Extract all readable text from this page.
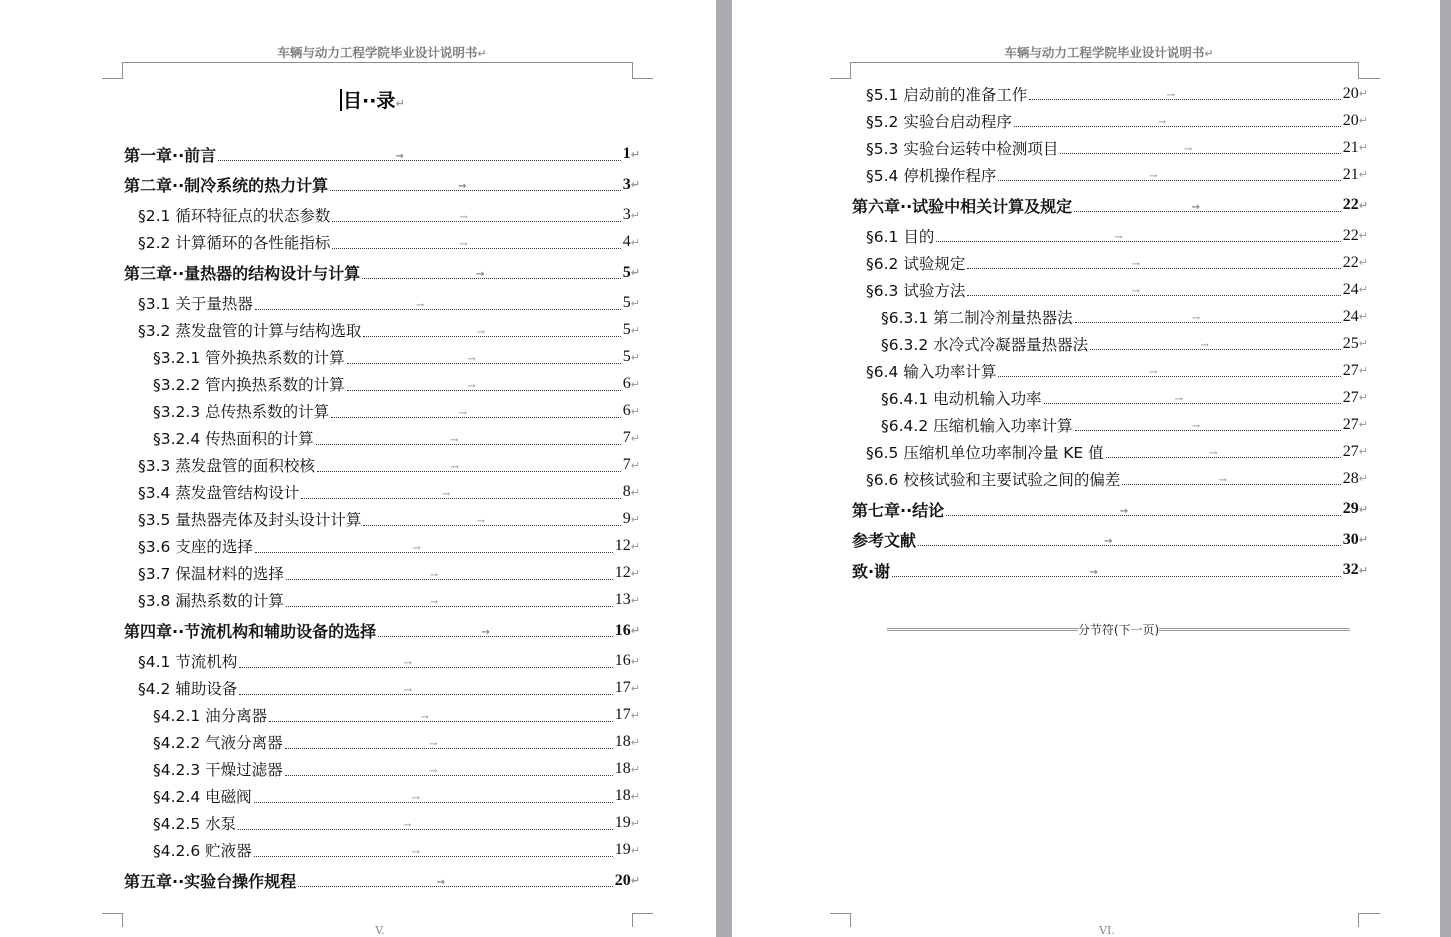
车辆与动力工程学院毕业设计说明书↵
目··录↵
第一章··前言	→	1 ↵
第二章··制冷系统的热力计算	→	3 ↵
§2.1 循环特征点的状态参数	→	3 ↵
§2.2 计算循环的各性能指标	→	4 ↵
第三章··量热器的结构设计与计算	→	5 ↵
§3.1 关于量热器	→	5 ↵
§3.2 蒸发盘管的计算与结构选取	→	5 ↵
§3.2.1 管外换热系数的计算	→	5 ↵
§3.2.2 管内换热系数的计算	→	6 ↵
§3.2.3 总传热系数的计算	→	6 ↵
§3.2.4 传热面积的计算	→	7 ↵
§3.3 蒸发盘管的面积校核	→	7 ↵
§3.4 蒸发盘管结构设计	→	8 ↵
§3.5 量热器壳体及封头设计计算	→	9 ↵
§3.6 支座的选择	→	12 ↵
§3.7 保温材料的选择	→	12 ↵
§3.8 漏热系数的计算	→	13 ↵
第四章··节流机构和辅助设备的选择	→	16 ↵
§4.1 节流机构	→	16 ↵
§4.2 辅助设备	→	17 ↵
§4.2.1 油分离器	→	17 ↵
§4.2.2 气液分离器	→	18 ↵
§4.2.3 干燥过滤器	→	18 ↵
§4.2.4 电磁阀	→	18 ↵
§4.2.5 水泵	→	19 ↵
§4.2.6 贮液器	→	19 ↵
第五章··实验台操作规程	→	20 ↵
V.
车辆与动力工程学院毕业设计说明书↵
§5.1 启动前的准备工作	→	20 ↵
§5.2 实验台启动程序	→	20 ↵
§5.3 实验台运转中检测项目	→	21 ↵
§5.4 停机操作程序	→	21 ↵
第六章··试验中相关计算及规定	→	22 ↵
§6.1 目的	→	22 ↵
§6.2 试验规定	→	22 ↵
§6.3 试验方法	→	24 ↵
§6.3.1 第二制冷剂量热器法	→	24 ↵
§6.3.2 水冷式冷凝器量热器法	→	25 ↵
§6.4 输入功率计算	→	27 ↵
§6.4.1 电动机输入功率	→	27 ↵
§6.4.2 压缩机输入功率计算	→	27 ↵
§6.5 压缩机单位功率制冷量 KE 值	→	27 ↵
§6.6 校核试验和主要试验之间的偏差	→	28 ↵
第七章··结论	→	29 ↵
参考文献	→	30 ↵
致·谢	→	32 ↵
VI.
分节符(下一页)
